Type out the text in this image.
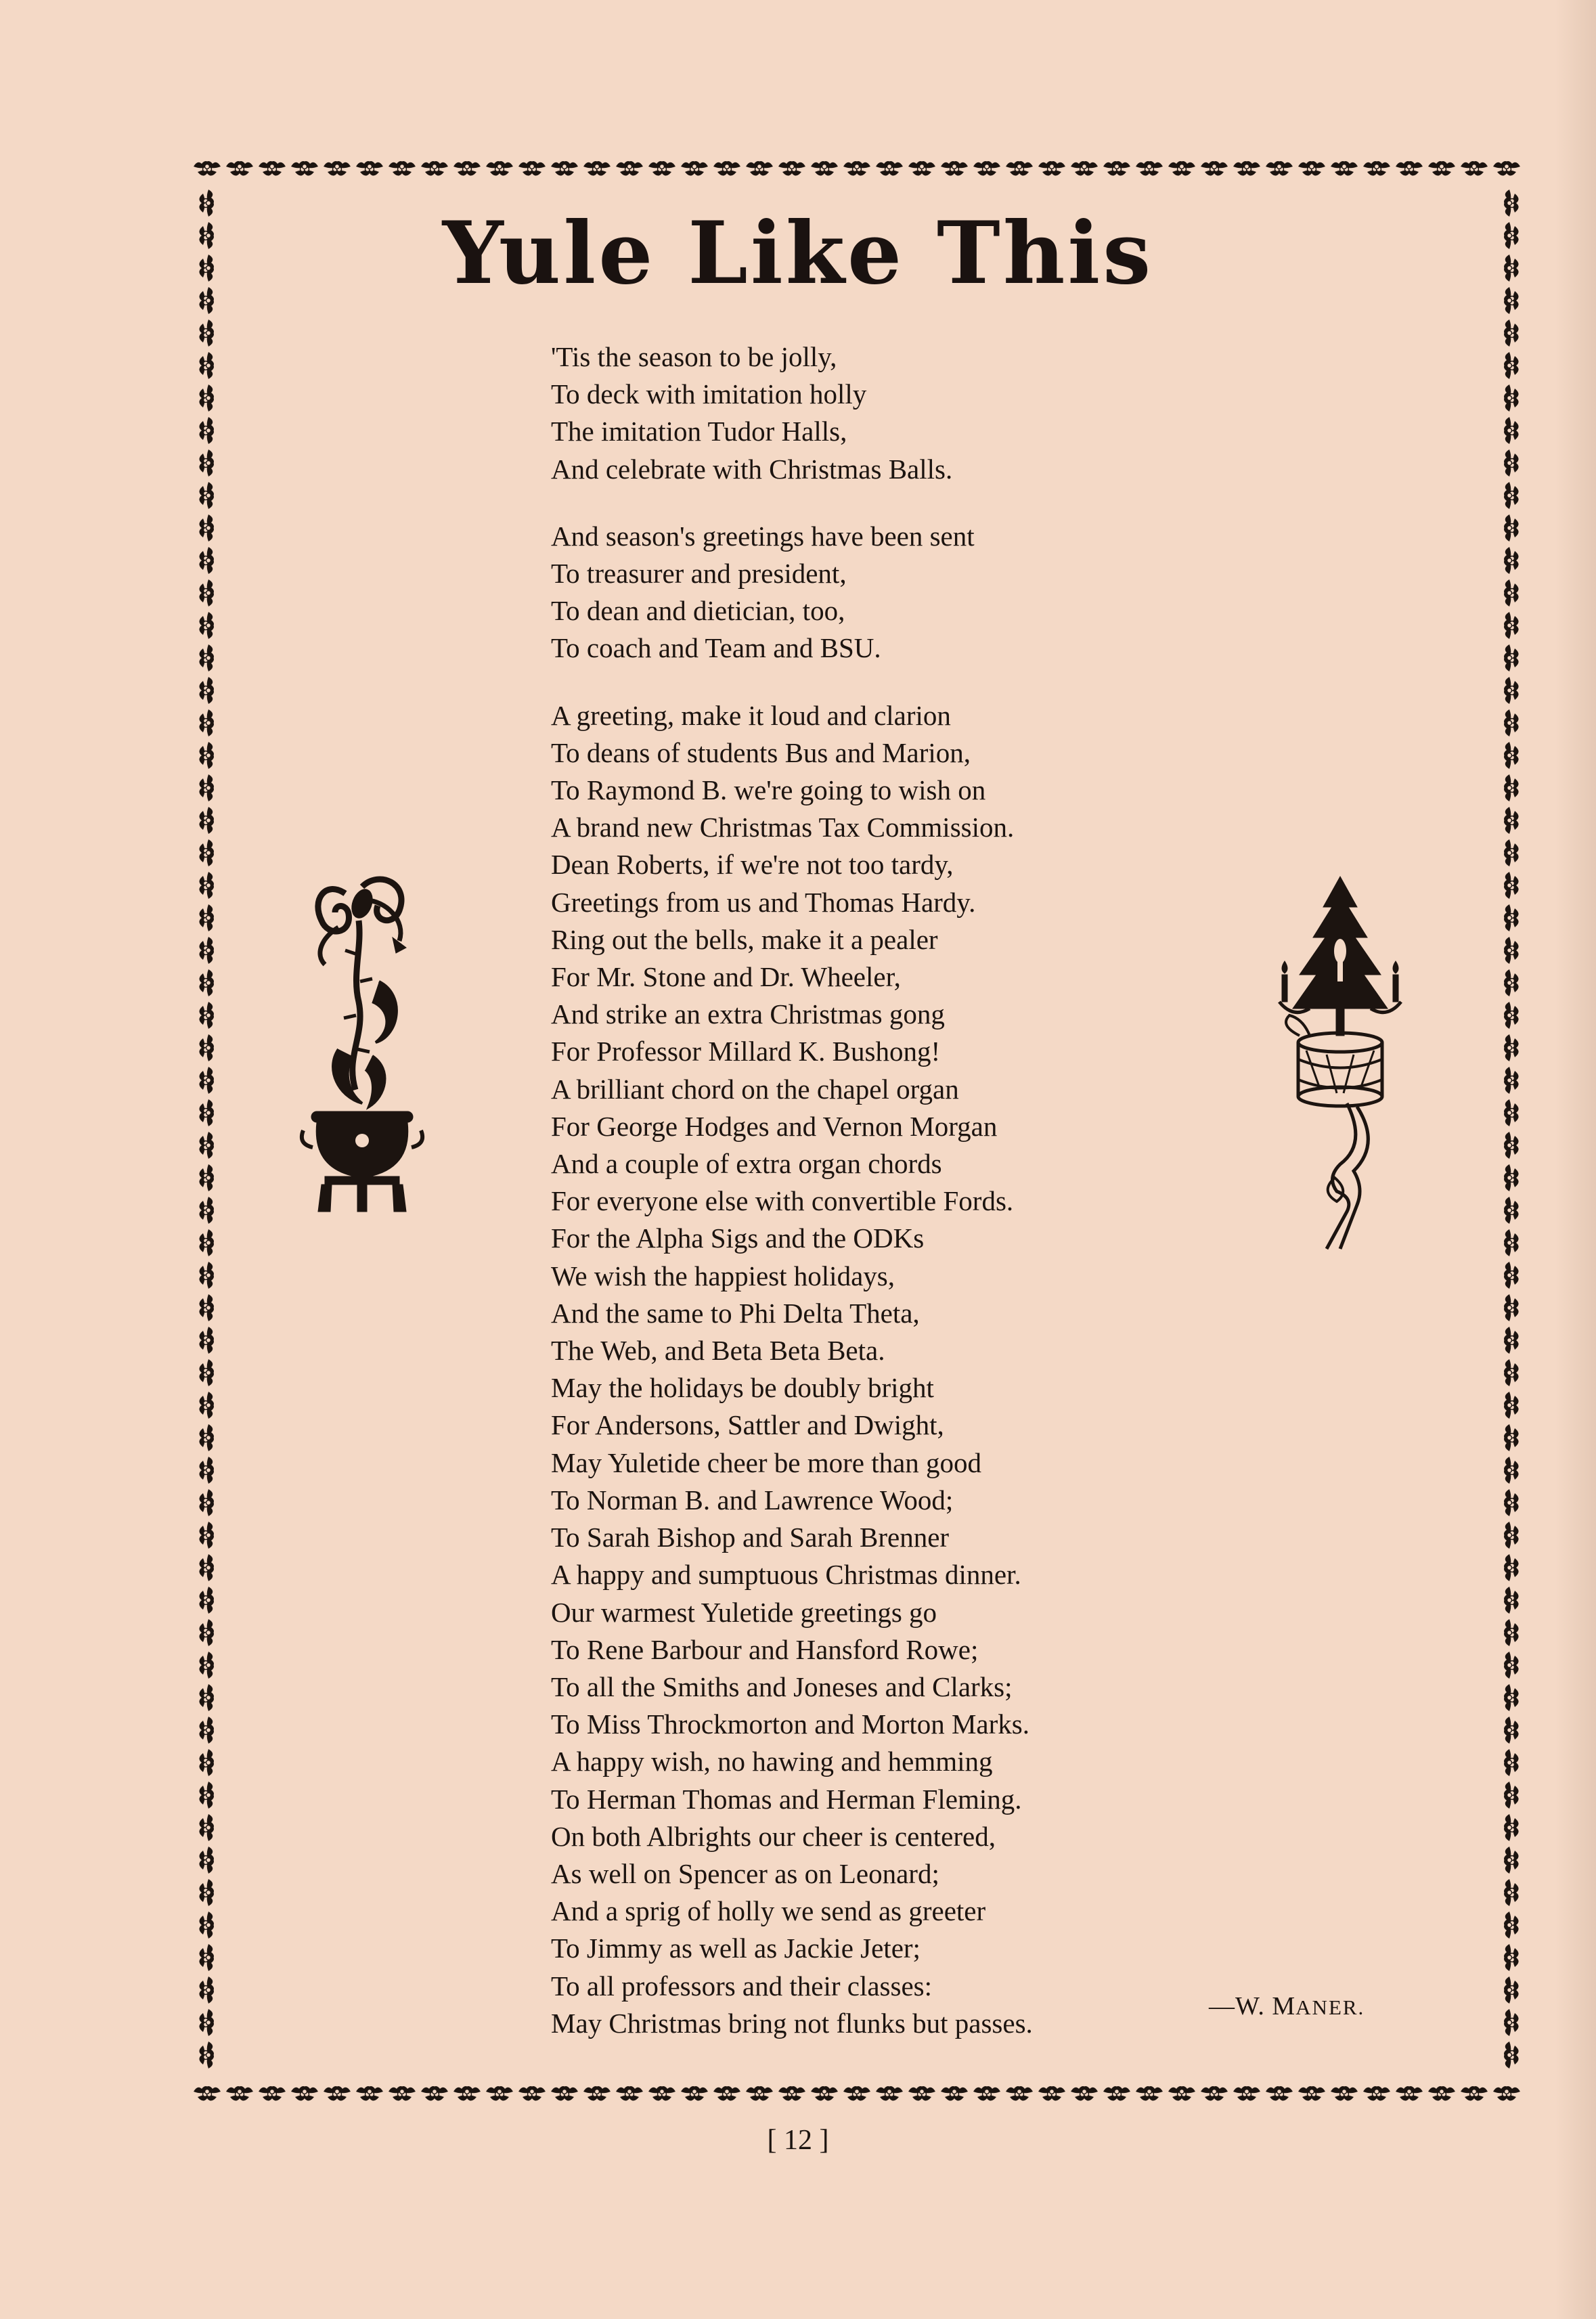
Yule Like This
'Tis the season to be jolly,
To deck with imitation holly
The imitation Tudor Halls,
And celebrate with Christmas Balls.
And season's greetings have been sent
To treasurer and president,
To dean and dietician, too,
To coach and Team and BSU.
A greeting, make it loud and clarion
To deans of students Bus and Marion,
To Raymond B. we're going to wish on
A brand new Christmas Tax Commission.
Dean Roberts, if we're not too tardy,
Greetings from us and Thomas Hardy.
Ring out the bells, make it a pealer
For Mr. Stone and Dr. Wheeler,
And strike an extra Christmas gong
For Professor Millard K. Bushong!
A brilliant chord on the chapel organ
For George Hodges and Vernon Morgan
And a couple of extra organ chords
For everyone else with convertible Fords.
For the Alpha Sigs and the ODKs
We wish the happiest holidays,
And the same to Phi Delta Theta,
The Web, and Beta Beta Beta.
May the holidays be doubly bright
For Andersons, Sattler and Dwight,
May Yuletide cheer be more than good
To Norman B. and Lawrence Wood;
To Sarah Bishop and Sarah Brenner
A happy and sumptuous Christmas dinner.
Our warmest Yuletide greetings go
To Rene Barbour and Hansford Rowe;
To all the Smiths and Joneses and Clarks;
To Miss Throckmorton and Morton Marks.
A happy wish, no hawing and hemming
To Herman Thomas and Herman Fleming.
On both Albrights our cheer is centered,
As well on Spencer as on Leonard;
And a sprig of holly we send as greeter
To Jimmy as well as Jackie Jeter;
To all professors and their classes:
May Christmas bring not flunks but passes.
—W. MANER.
[ 12 ]
